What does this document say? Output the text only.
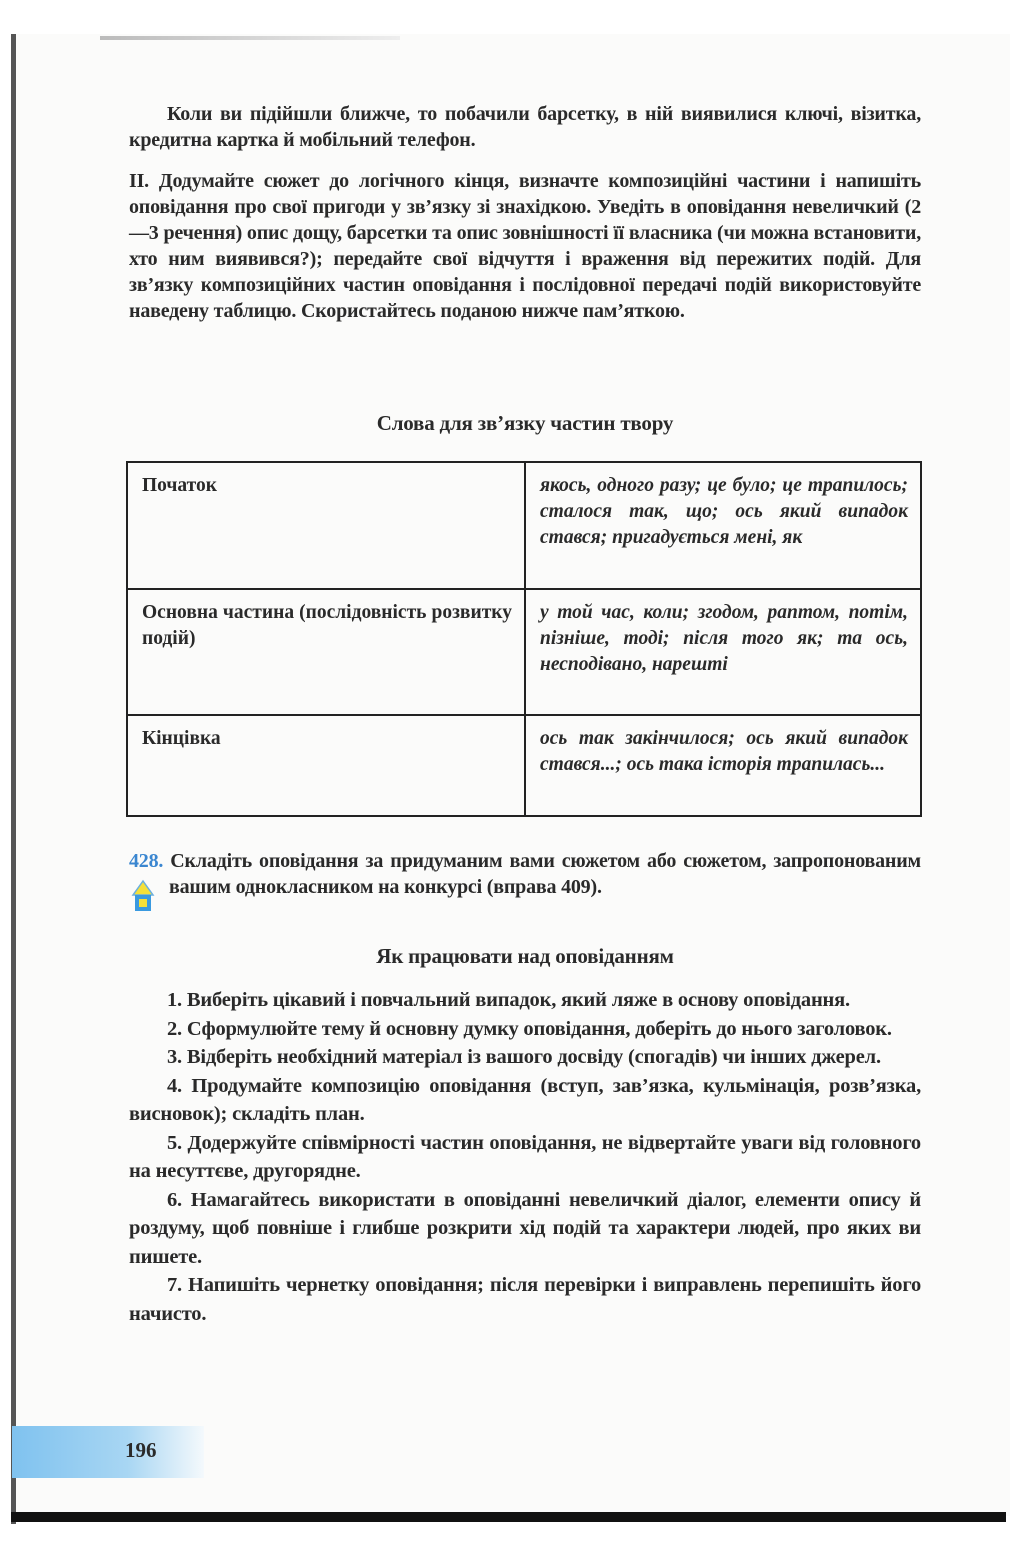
Коли ви підійшли ближче, то побачили барсетку, в ній виявилися ключі, візитка, кредитна картка й мобільний телефон.

ІІ. Додумайте сюжет до логічного кінця, визначте композиційні частини і напишіть оповідання про свої пригоди у зв’язку зі знахідкою. Уведіть в оповідання невеличкий (2—3 речення) опис дощу, барсетки та опис зовнішності її власника (чи можна встановити, хто ним виявився?); передайте свої відчуття і враження від пережитих подій. Для зв’язку композиційних частин оповідання і послідовної передачі подій використовуйте наведену таблицю. Скористайтесь поданою нижче пам’яткою.

Слова для зв’язку частин твору
Початок	якось, одного разу; це було; це трапилось; сталося так, що; ось який випадок стався; пригадується мені, як
Основна частина (послідовність розвитку подій)	у той час, коли; згодом, раптом, потім, пізніше, тоді; після того як; та ось, несподівано, нарешті
Кінцівка	ось так закінчилося; ось який випадок стався...; ось така історія трапилась...
428. Складіть оповідання за придуманим вами сюжетом або сюжетом, запропонованим вашим однокласником на конкурсі (вправа 409).
Як працювати над оповіданням
1. Виберіть цікавий і повчальний випадок, який ляже в основу оповідання.
2. Сформулюйте тему й основну думку оповідання, доберіть до нього заголовок.
3. Відберіть необхідний матеріал із вашого досвіду (спогадів) чи інших джерел.
4. Продумайте композицію оповідання (вступ, зав’язка, кульмінація, розв’язка, висновок); складіть план.
5. Додержуйте співмірності частин оповідання, не відвертайте уваги від головного на несуттєве, другорядне.
6. Намагайтесь використати в оповіданні невеличкий діалог, елементи опису й роздуму, щоб повніше і глибше розкрити хід подій та характери людей, про яких ви пишете.
7. Напишіть чернетку оповідання; після перевірки і виправлень перепишіть його начисто.
196
